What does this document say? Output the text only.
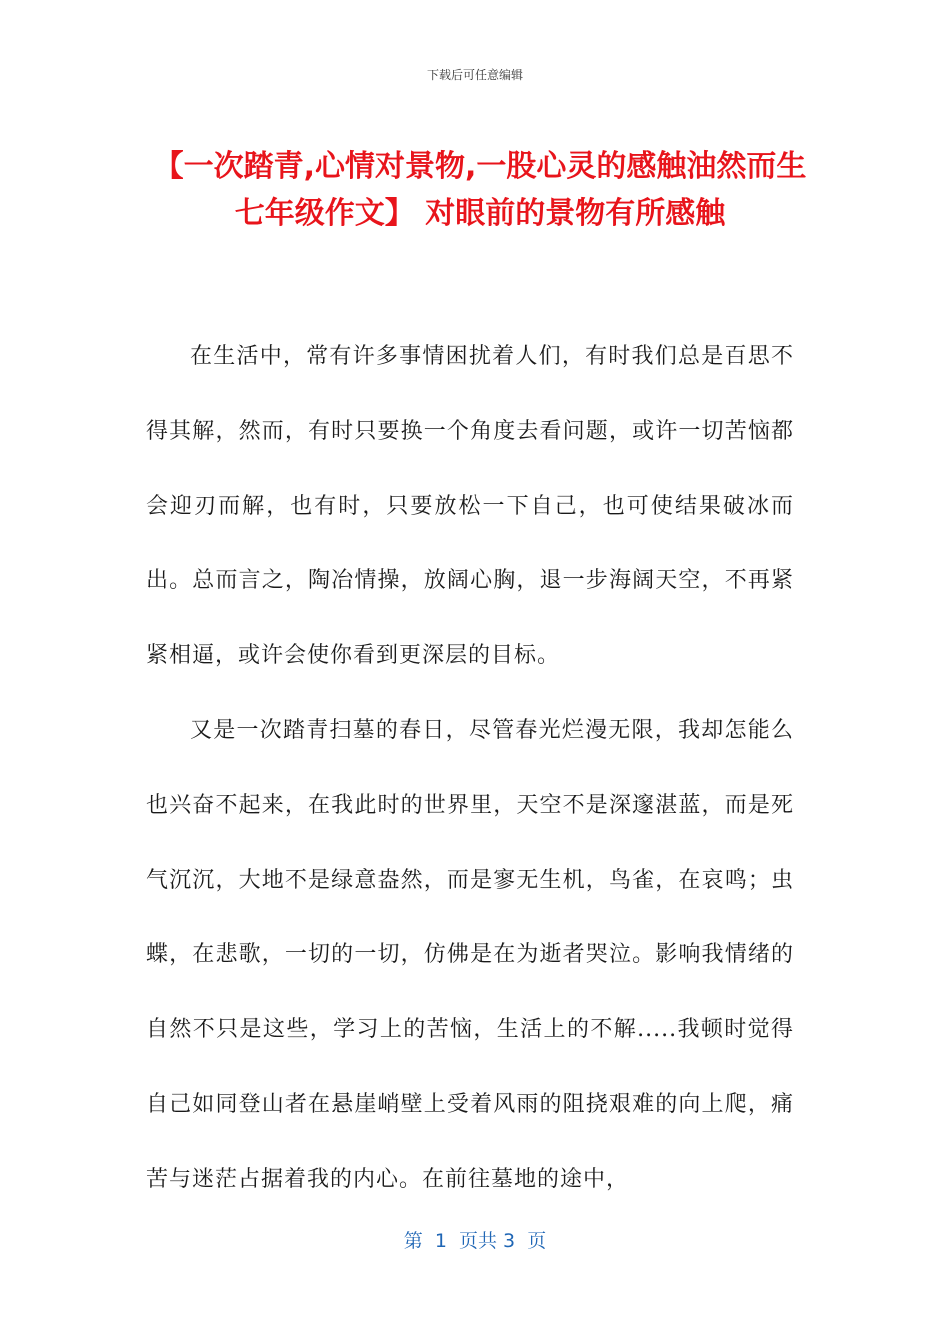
下载后可任意编辑
【一次踏青,心情对景物,一股心灵的感触油然而生七年级作文】 对眼前的景物有所感触

在生活中，常有许多事情困扰着人们，有时我们总是百思不得其解，然而，有时只要换一个角度去看问题，或许一切苦恼都会迎刃而解，也有时，只要放松一下自己，也可使结果破冰而出。总而言之，陶冶情操，放阔心胸，退一步海阔天空，不再紧紧相逼，或许会使你看到更深层的目标。

又是一次踏青扫墓的春日，尽管春光烂漫无限，我却怎能么也兴奋不起来，在我此时的世界里，天空不是深邃湛蓝，而是死气沉沉，大地不是绿意盎然，而是寥无生机，鸟雀，在哀鸣；虫蝶，在悲歌，一切的一切，仿佛是在为逝者哭泣。影响我情绪的自然不只是这些，学习上的苦恼，生活上的不解.....我顿时觉得自己如同登山者在悬崖峭壁上受着风雨的阻挠艰难的向上爬，痛苦与迷茫占据着我的内心。在前往墓地的途中，

第  1  页共 3  页
